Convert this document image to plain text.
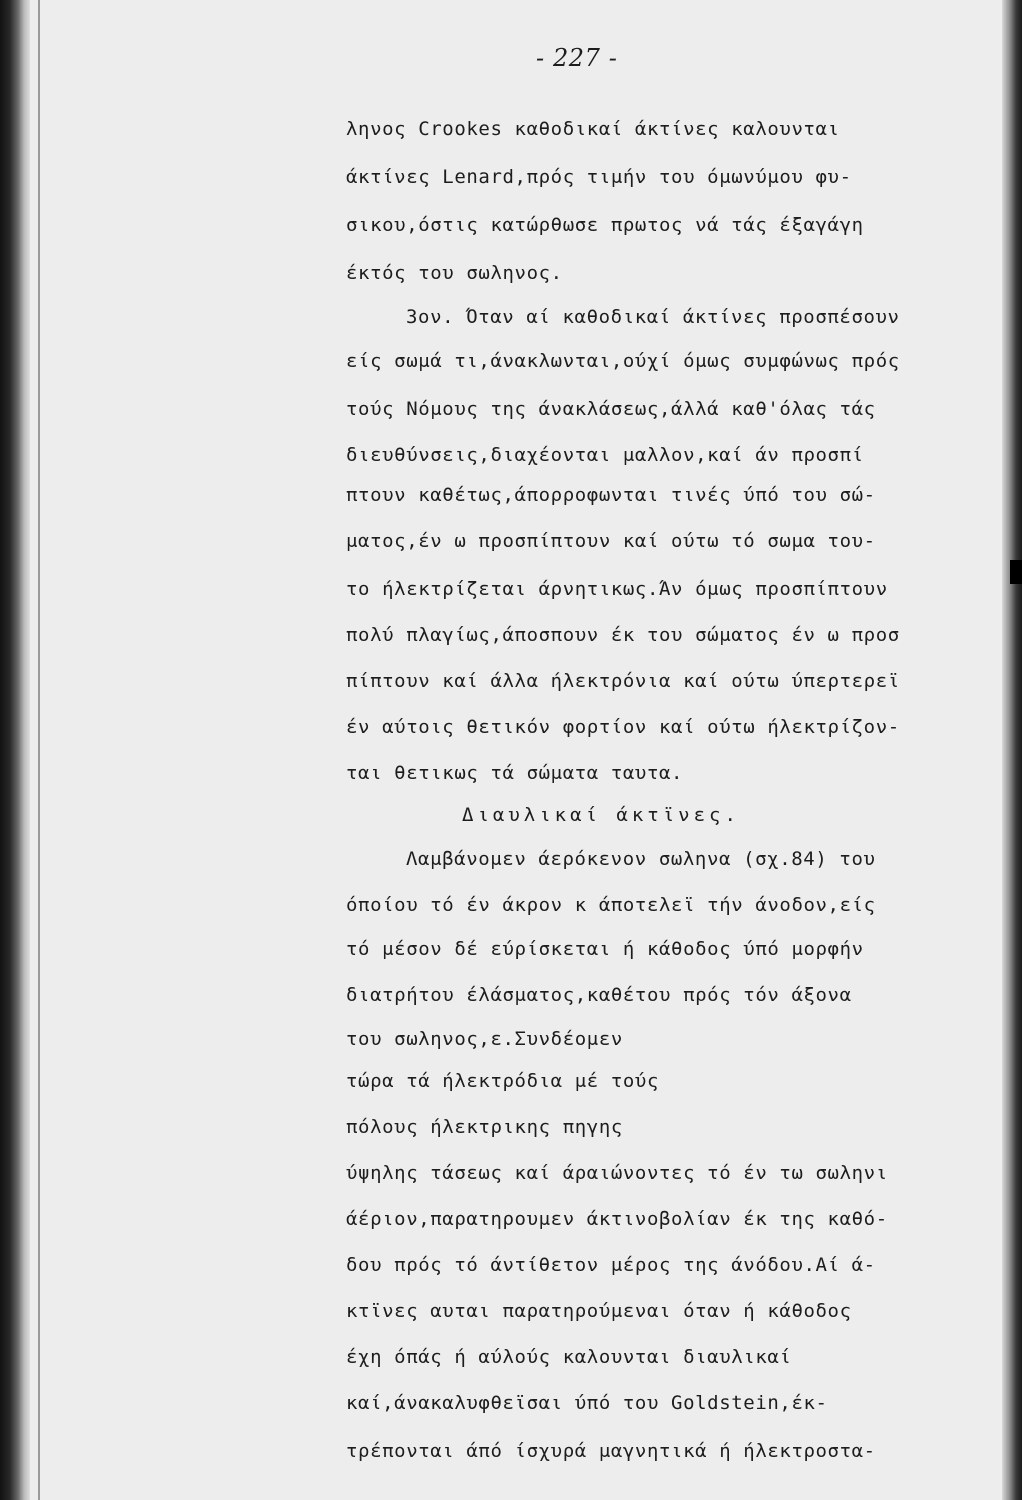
- 227 -
ληνος Crookes καθοδικαί άκτίνες καλουνται
άκτίνες Lenard,πρός τιμήν του όμωνύμου φυ-
σικου,όστις κατώρθωσε πρωτος νά τάς έξαγάγη
έκτός του σωληνος.
3ον. Όταν αί καθοδικαί άκτίνες προσπέσουν
είς σωμά τι,άνακλωνται,ούχί όμως συμφώνως πρός
τούς Νόμους της άνακλάσεως,άλλά καθ'όλας τάς
διευθύνσεις,διαχέονται μαλλον,καί άν προσπί
πτουν καθέτως,άπορροφωνται τινές ύπό του σώ-
ματος,έν ω προσπίπτουν καί ούτω τό σωμα του-
το ήλεκτρίζεται άρνητικως.Άν όμως προσπίπτουν
πολύ πλαγίως,άποσπουν έκ του σώματος έν ω προσ
πίπτουν καί άλλα ήλεκτρόνια καί ούτω ύπερτερεϊ
έν αύτοις θετικόν φορτίον καί ούτω ήλεκτρίζον-
ται θετικως τά σώματα ταυτα.
Διαυλικαί άκτϊνες.
Λαμβάνομεν άερόκενον σωληνα (σχ.84) του
όποίου τό έν άκρον κ άποτελεϊ τήν άνοδον,είς
τό μέσον δέ εύρίσκεται ή κάθοδος ύπό μορφήν
διατρήτου έλάσματος,καθέτου πρός τόν άξονα
του σωληνος,ε.Συνδέομεν
τώρα τά ήλεκτρόδια μέ τούς
πόλους ήλεκτρικης πηγης
ύψηλης τάσεως καί άραιώνοντες τό έν τω σωληνι
άέριον,παρατηρουμεν άκτινοβολίαν έκ της καθό-
δου πρός τό άντίθετον μέρος της άνόδου.Αί ά-
κτϊνες αυται παρατηρούμεναι όταν ή κάθοδος
έχη όπάς ή αύλούς καλουνται διαυλικαί
καί,άνακαλυφθεϊσαι ύπό του Goldstein,έκ-
τρέπονται άπό ίσχυρά μαγνητικά ή ήλεκτροστα-
